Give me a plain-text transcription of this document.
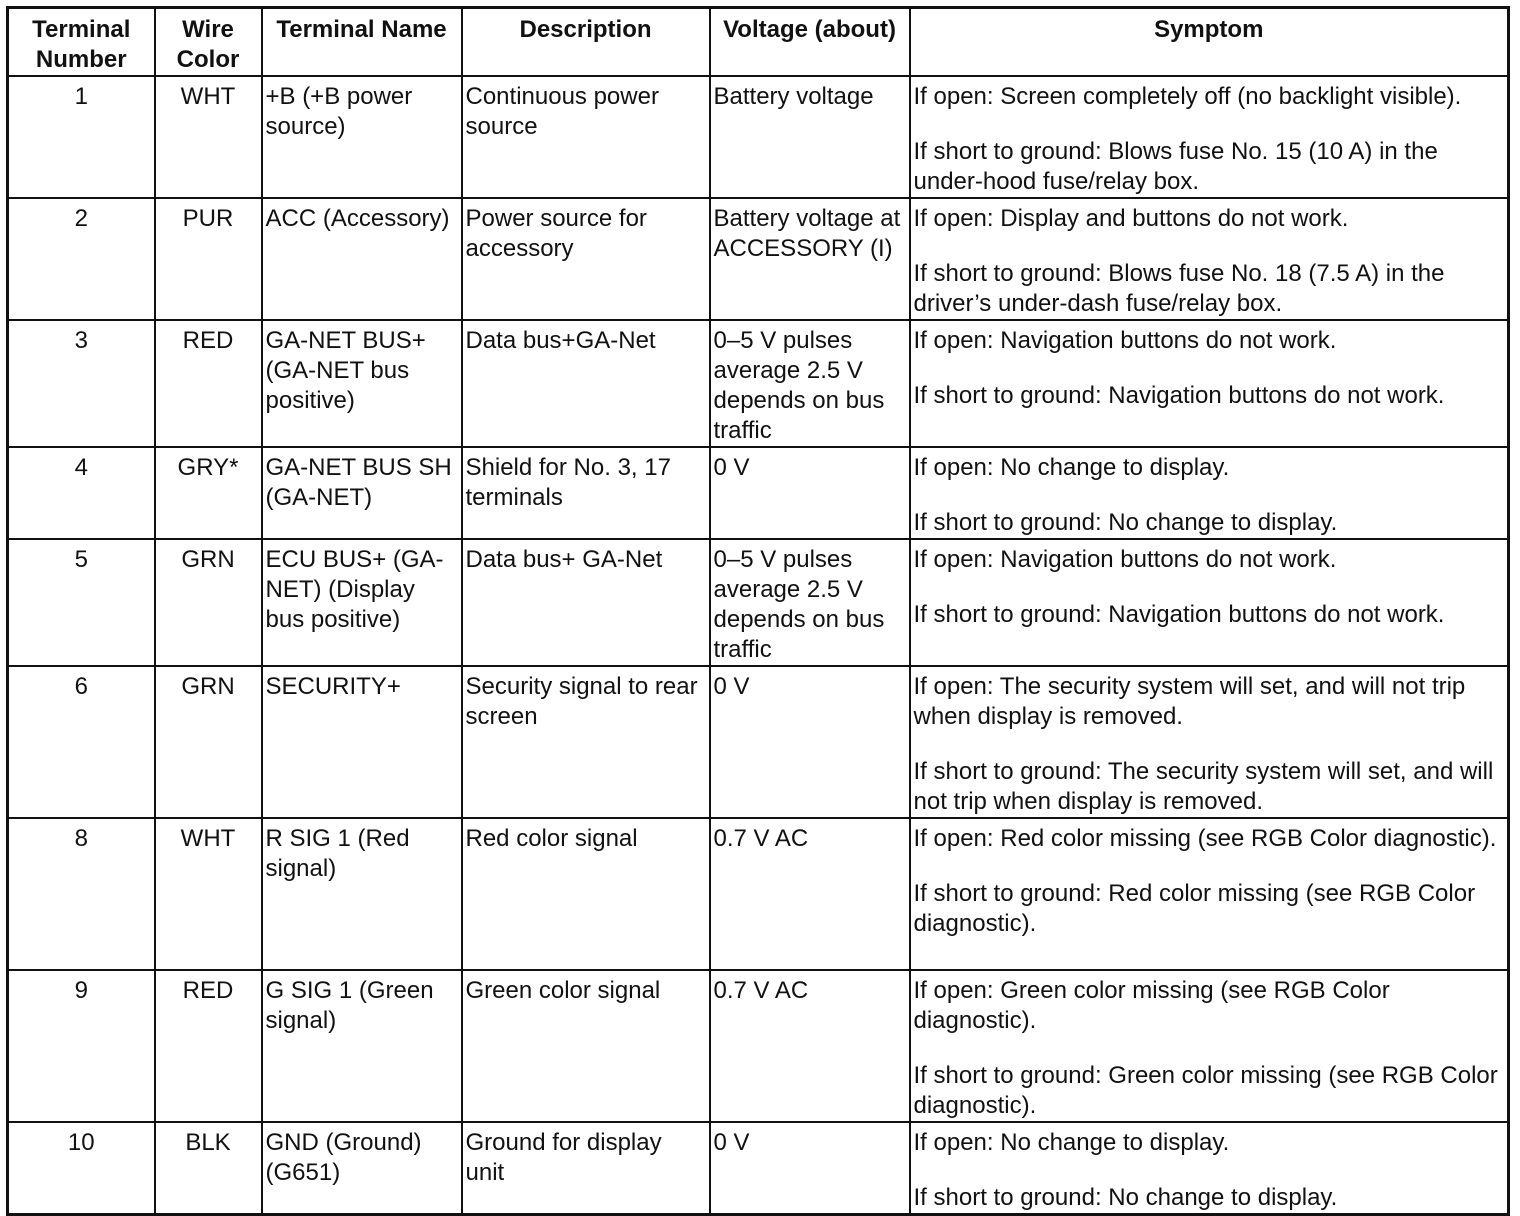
Terminal Number	Wire Color	Terminal Name	Description	Voltage (about)	Symptom
1	WHT	+B (+B power source)	Continuous power source	Battery voltage	If open: Screen completely off (no backlight visible).

If short to ground: Blows fuse No. 15 (10 A) in the under-hood fuse/relay box.

2	PUR	ACC (Accessory)	Power source for accessory	Battery voltage at ACCESSORY (I)	If open: Display and buttons do not work.

If short to ground: Blows fuse No. 18 (7.5 A) in the driver’s under-dash fuse/relay box.

3	RED	GA-NET BUS+ (GA-NET bus positive)	Data bus+GA-Net	0–5 V pulses average 2.5 V depends on bus traffic	If open: Navigation buttons do not work.

If short to ground: Navigation buttons do not work.

4	GRY*	GA-NET BUS SH (GA-NET)	Shield for No. 3, 17 terminals	0 V	If open: No change to display.

If short to ground: No change to display.

5	GRN	ECU BUS+ (GA-NET) (Display bus positive)	Data bus+ GA-Net	0–5 V pulses average 2.5 V depends on bus traffic	If open: Navigation buttons do not work.

If short to ground: Navigation buttons do not work.

6	GRN	SECURITY+	Security signal to rear screen	0 V	If open: The security system will set, and will not trip when display is removed.

If short to ground: The security system will set, and will not trip when display is removed.

8	WHT	R SIG 1 (Red signal)	Red color signal	0.7 V AC	If open: Red color missing (see RGB Color diagnostic).

If short to ground: Red color missing (see RGB Color diagnostic).

9	RED	G SIG 1 (Green signal)	Green color signal	0.7 V AC	If open: Green color missing (see RGB Color diagnostic).

If short to ground: Green color missing (see RGB Color diagnostic).

10	BLK	GND (Ground) (G651)	Ground for display unit	0 V	If open: No change to display.

If short to ground: No change to display.
